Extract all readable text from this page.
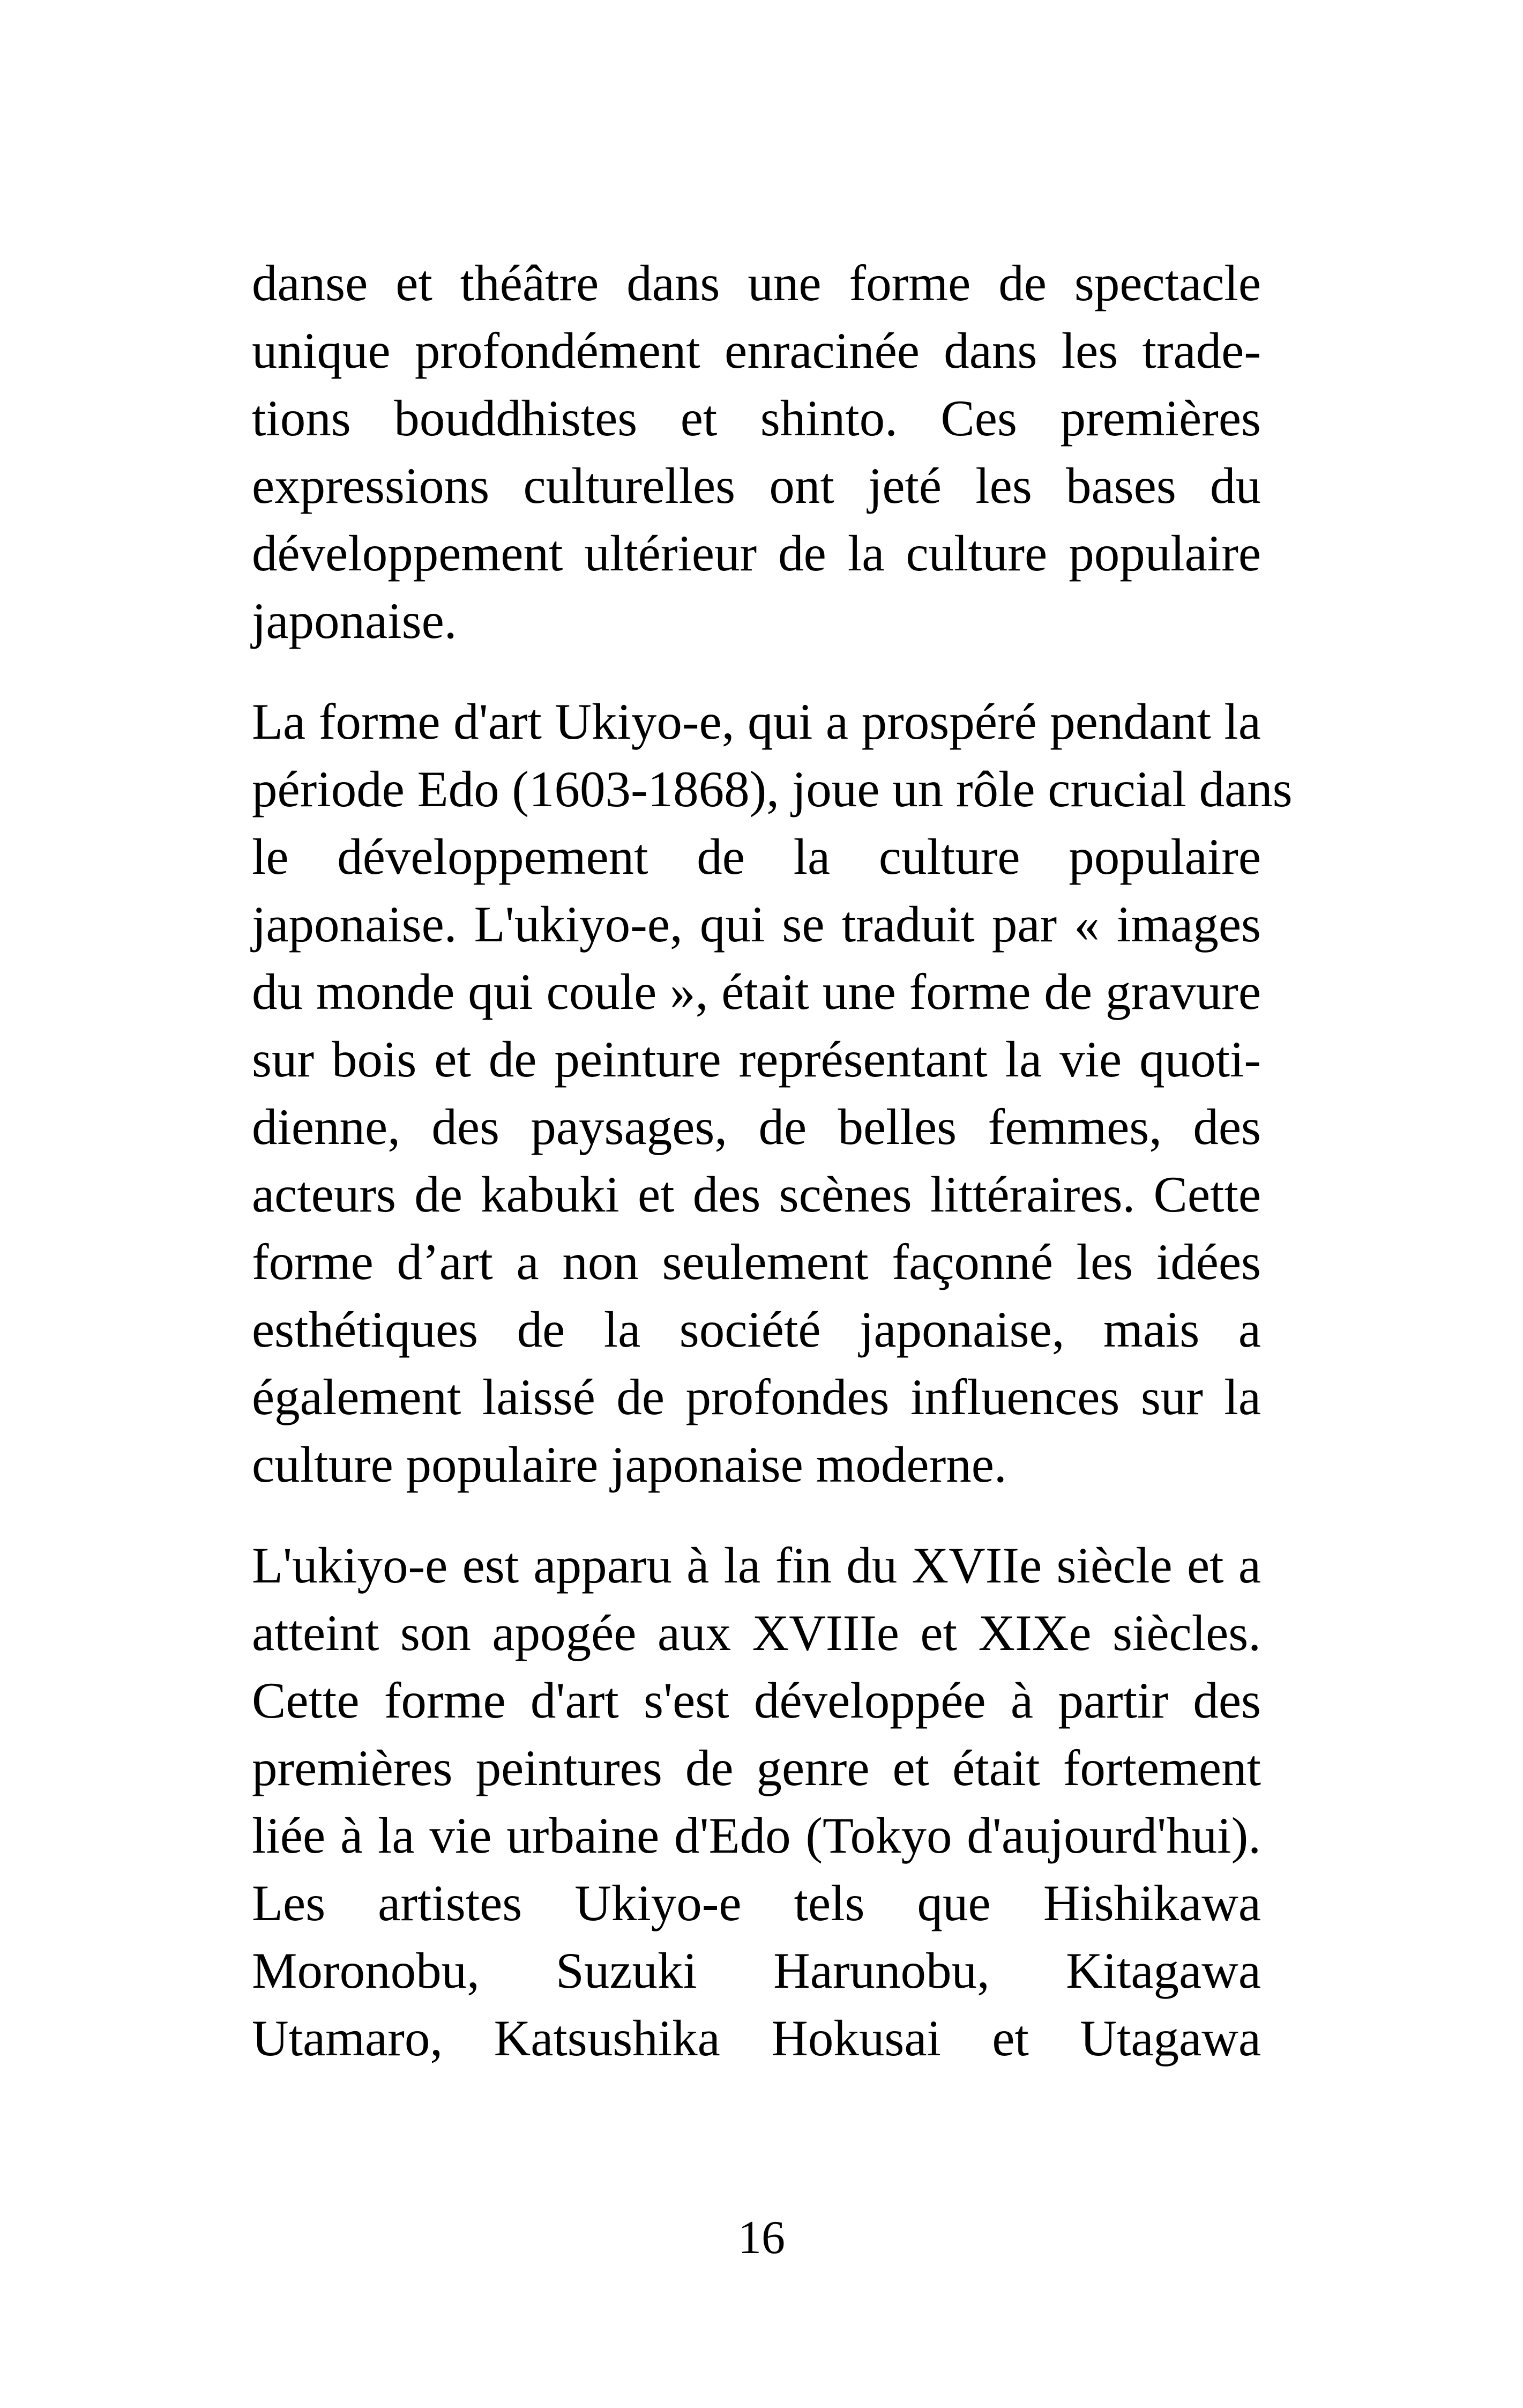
danse et théâtre dans une forme de spectacle
unique profondément enracinée dans les trade-
tions bouddhistes et shinto. Ces premières
expressions culturelles ont jeté les bases du
développement ultérieur de la culture populaire
japonaise.

La forme d'art Ukiyo-e, qui a prospéré pendant la
période Edo (1603-1868), joue un rôle crucial dans
le développement de la culture populaire
japonaise. L'ukiyo-e, qui se traduit par « images
du monde qui coule », était une forme de gravure
sur bois et de peinture représentant la vie quoti-
dienne, des paysages, de belles femmes, des
acteurs de kabuki et des scènes littéraires. Cette
forme d’art a non seulement façonné les idées
esthétiques de la société japonaise, mais a
également laissé de profondes influences sur la
culture populaire japonaise moderne.

L'ukiyo-e est apparu à la fin du XVIIe siècle et a
atteint son apogée aux XVIIIe et XIXe siècles.
Cette forme d'art s'est développée à partir des
premières peintures de genre et était fortement
liée à la vie urbaine d'Edo (Tokyo d'aujourd'hui).
Les artistes Ukiyo-e tels que Hishikawa
Moronobu, Suzuki Harunobu, Kitagawa
Utamaro, Katsushika Hokusai et Utagawa

16
